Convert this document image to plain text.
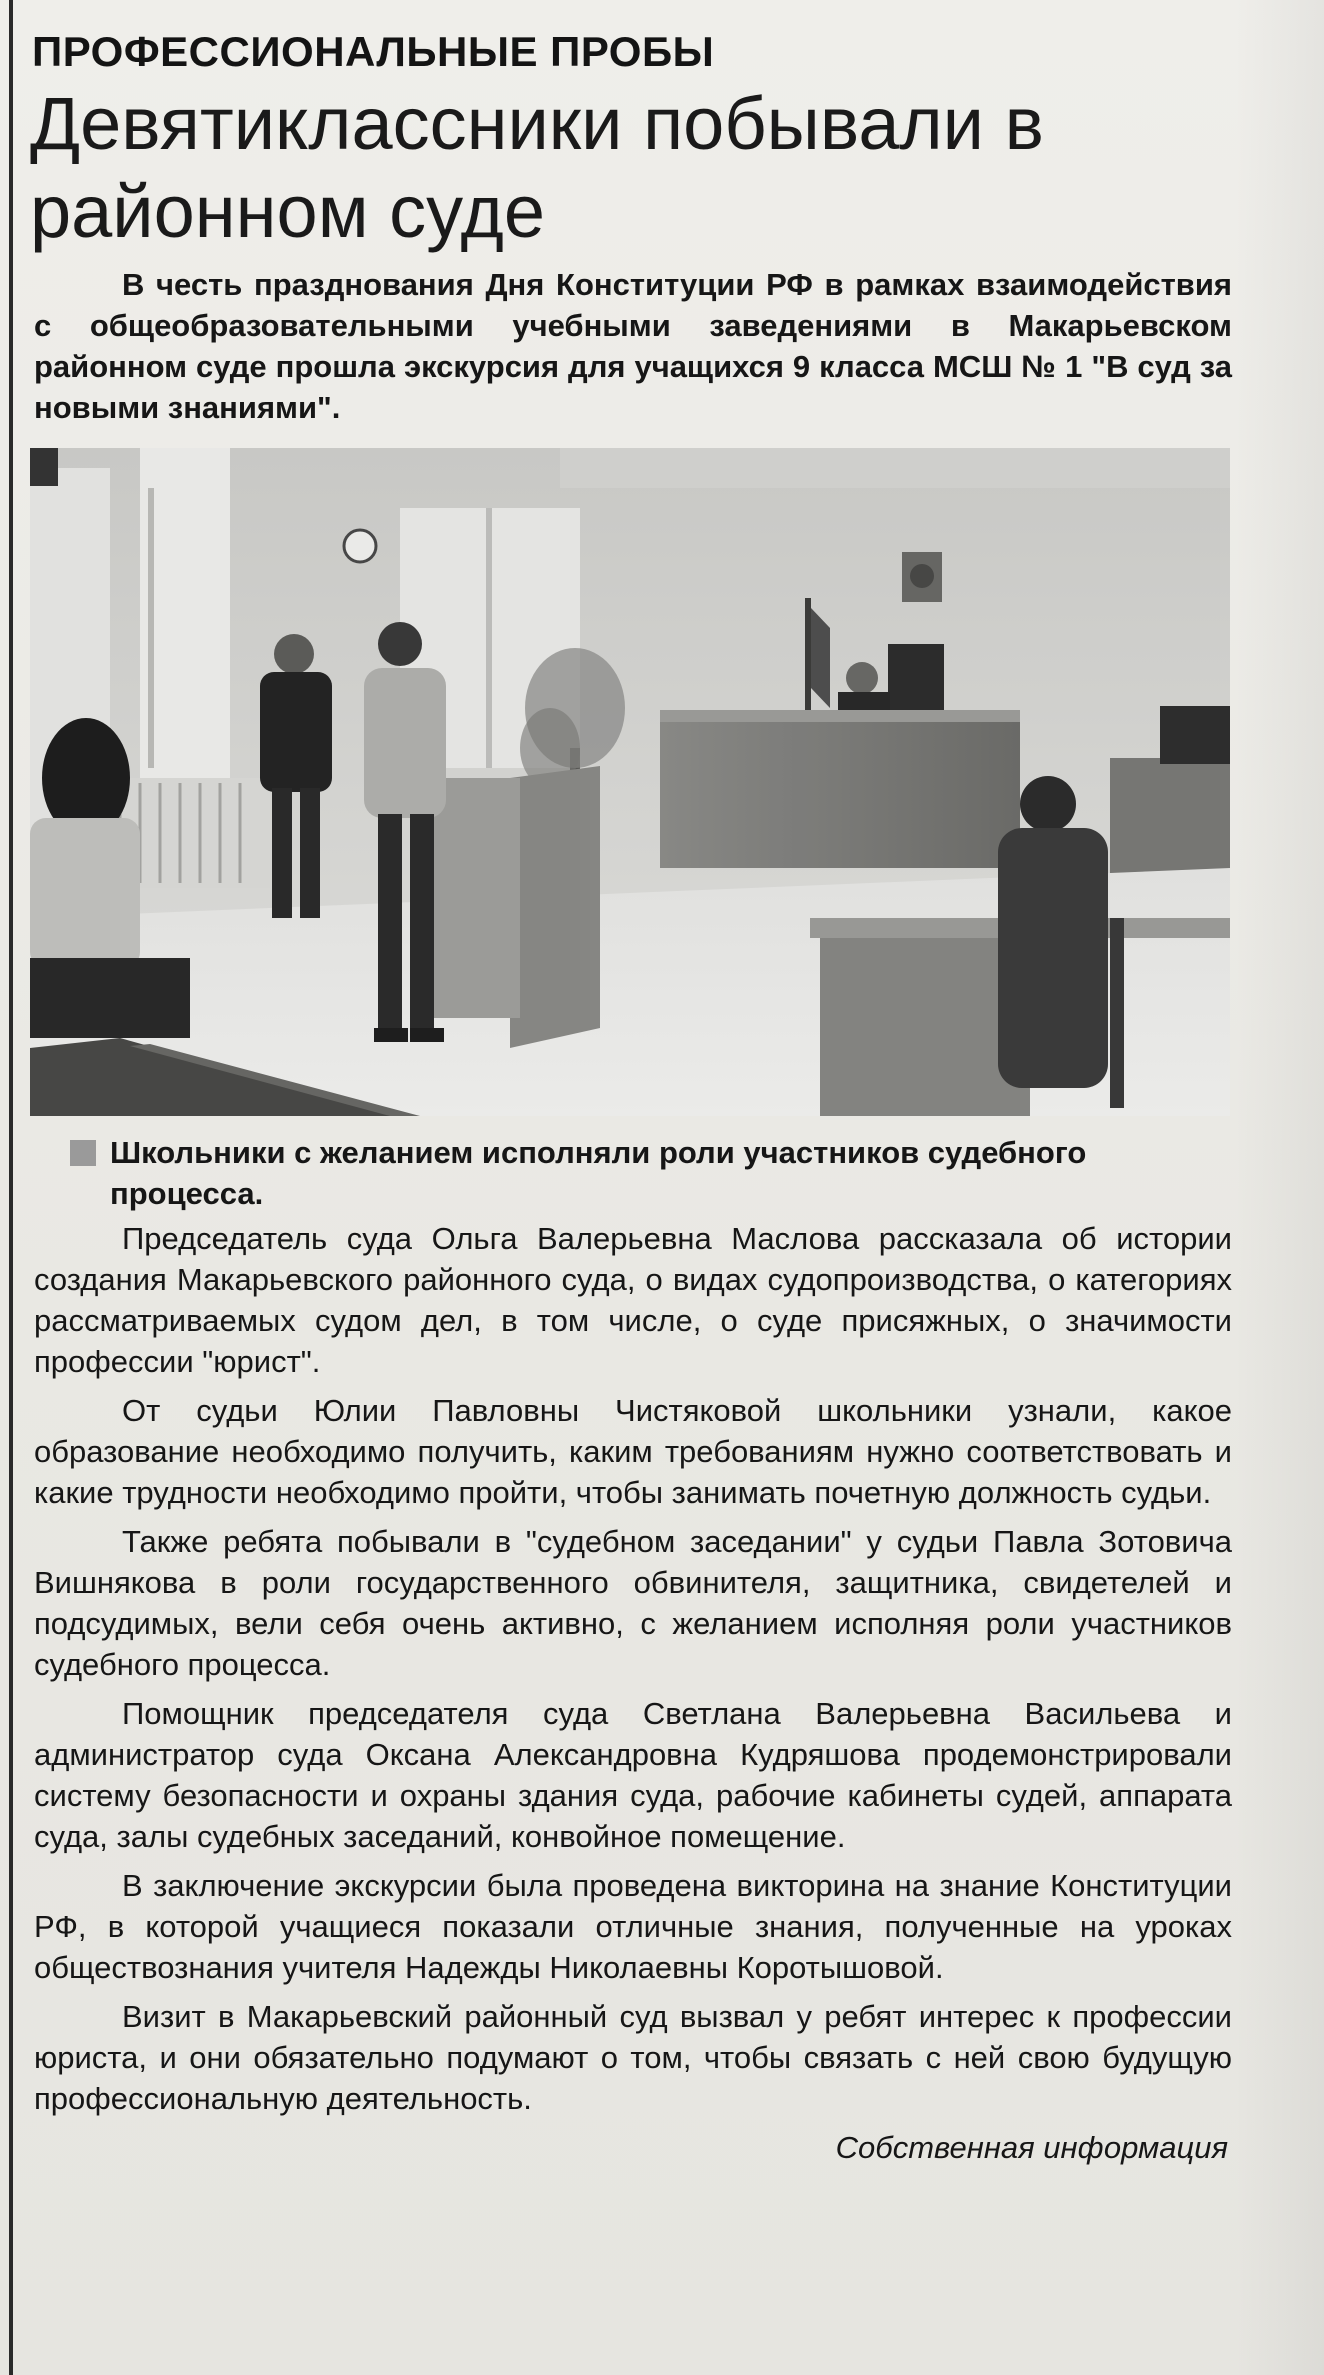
ПРОФЕССИОНАЛЬНЫЕ ПРОБЫ
Девятиклассники побывали в районном суде

В честь празднования Дня Конституции РФ в рамках взаимодействия с общеобразовательными учебными заведениями в Макарьевском районном суде прошла экскурсия для учащихся 9 класса МСШ № 1 "В суд за новыми знаниями".

Школьники с желанием исполняли роли участников судебного процесса.

Председатель суда Ольга Валерьевна Маслова рассказала об истории создания Макарьевского районного суда, о видах судопроизводства, о категориях рассматриваемых судом дел, в том числе, о суде присяжных, о значимости профессии "юрист".

От судьи Юлии Павловны Чистяковой школьники узнали, какое образование необходимо получить, каким требованиям нужно соответствовать и какие трудности необходимо пройти, чтобы занимать почетную должность судьи.

Также ребята побывали в "судебном заседании" у судьи Павла Зотовича Вишнякова в роли государственного обвинителя, защитника, свидетелей и подсудимых, вели себя очень активно, с желанием исполняя роли участников судебного процесса.

Помощник председателя суда Светлана Валерьевна Васильева и администратор суда Оксана Александровна Кудряшова продемонстрировали систему безопасности и охраны здания суда, рабочие кабинеты судей, аппарата суда, залы судебных заседаний, конвойное помещение.

В заключение экскурсии была проведена викторина на знание Конституции РФ, в которой учащиеся показали отличные знания, полученные на уроках обществознания учителя Надежды Николаевны Коротышовой.

Визит в Макарьевский районный суд вызвал у ребят интерес к профессии юриста, и они обязательно подумают о том, чтобы связать с ней свою будущую профессиональную деятельность.

Собственная информация
